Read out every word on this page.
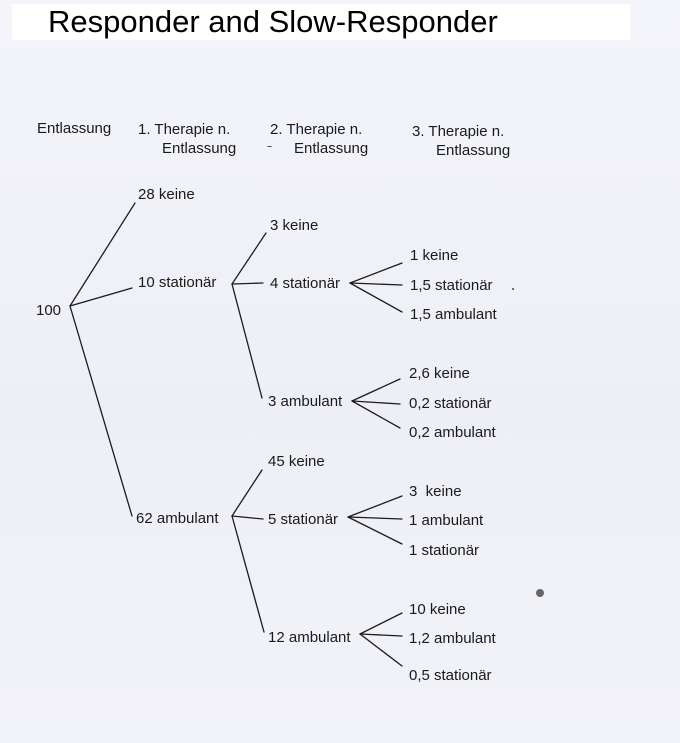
Responder and Slow-Responder
Entlassung 1. Therapie n.
Entlassung
2. Therapie n.
Entlassung
3. Therapie n.
Entlassung
100
28 keine
10 stationär
62 ambulant
3 keine
4 stationär
3 ambulant
1 keine
1,5 stationär
1,5 ambulant
2,6 keine
0,2 stationär
0,2 ambulant
45 keine
5 stationär
12 ambulant
3  keine
1 ambulant
1 stationär
10 keine
1,2 ambulant
0,5 stationär
